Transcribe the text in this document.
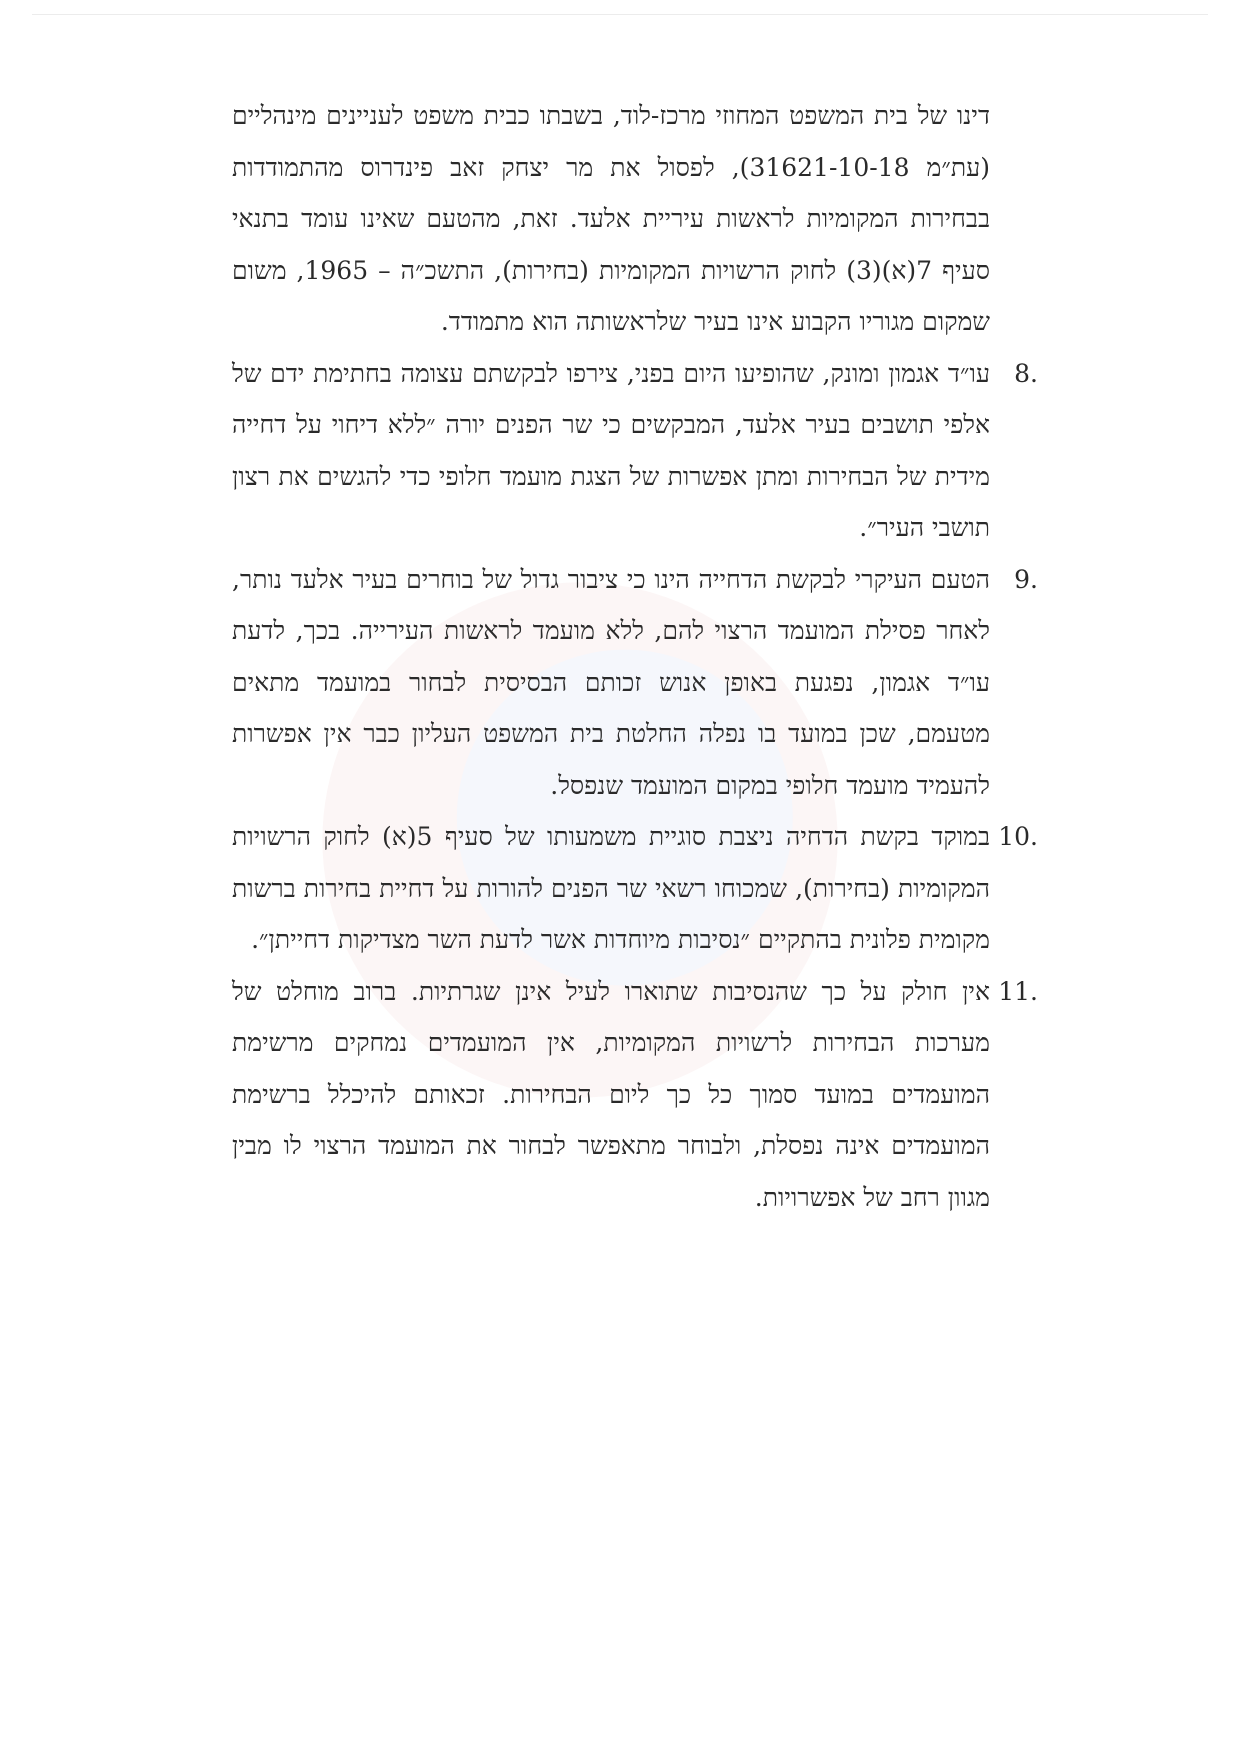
דינו של בית המשפט המחוזי מרכז-לוד, בשבתו כבית משפט לעניינים מינהליים (עת״מ 31621-10-18), לפסול את מר יצחק זאב פינדרוס מהתמודדות בבחירות המקומיות לראשות עיריית אלעד. זאת, מהטעם שאינו עומד בתנאי סעיף 7(א)(3) לחוק הרשויות המקומיות (בחירות), התשכ״ה – 1965, משום שמקום מגוריו הקבוע אינו בעיר שלראשותה הוא מתמודד.

8.
עו״ד אגמון ומונק, שהופיעו היום בפני, צירפו לבקשתם עצומה בחתימת ידם של אלפי תושבים בעיר אלעד, המבקשים כי שר הפנים יורה ״ללא דיחוי על דחייה מידית של הבחירות ומתן אפשרות של הצגת מועמד חלופי כדי להגשים את רצון תושבי העיר״.
9.
הטעם העיקרי לבקשת הדחייה הינו כי ציבור גדול של בוחרים בעיר אלעד נותר, לאחר פסילת המועמד הרצוי להם, ללא מועמד לראשות העירייה. בכך, לדעת עו״ד אגמון, נפגעת באופן אנוש זכותם הבסיסית לבחור במועמד מתאים מטעמם, שכן במועד בו נפלה החלטת בית המשפט העליון כבר אין אפשרות להעמיד מועמד חלופי במקום המועמד שנפסל.
10.
במוקד בקשת הדחיה ניצבת סוגיית משמעותו של סעיף 5(א) לחוק הרשויות המקומיות (בחירות), שמכוחו רשאי שר הפנים להורות על דחיית בחירות ברשות מקומית פלונית בהתקיים ״נסיבות מיוחדות אשר לדעת השר מצדיקות דחייתן״.
11.
אין חולק על כך שהנסיבות שתוארו לעיל אינן שגרתיות. ברוב מוחלט של מערכות הבחירות לרשויות המקומיות, אין המועמדים נמחקים מרשימת המועמדים במועד סמוך כל כך ליום הבחירות. זכאותם להיכלל ברשימת המועמדים אינה נפסלת, ולבוחר מתאפשר לבחור את המועמד הרצוי לו מבין מגוון רחב של אפשרויות.
